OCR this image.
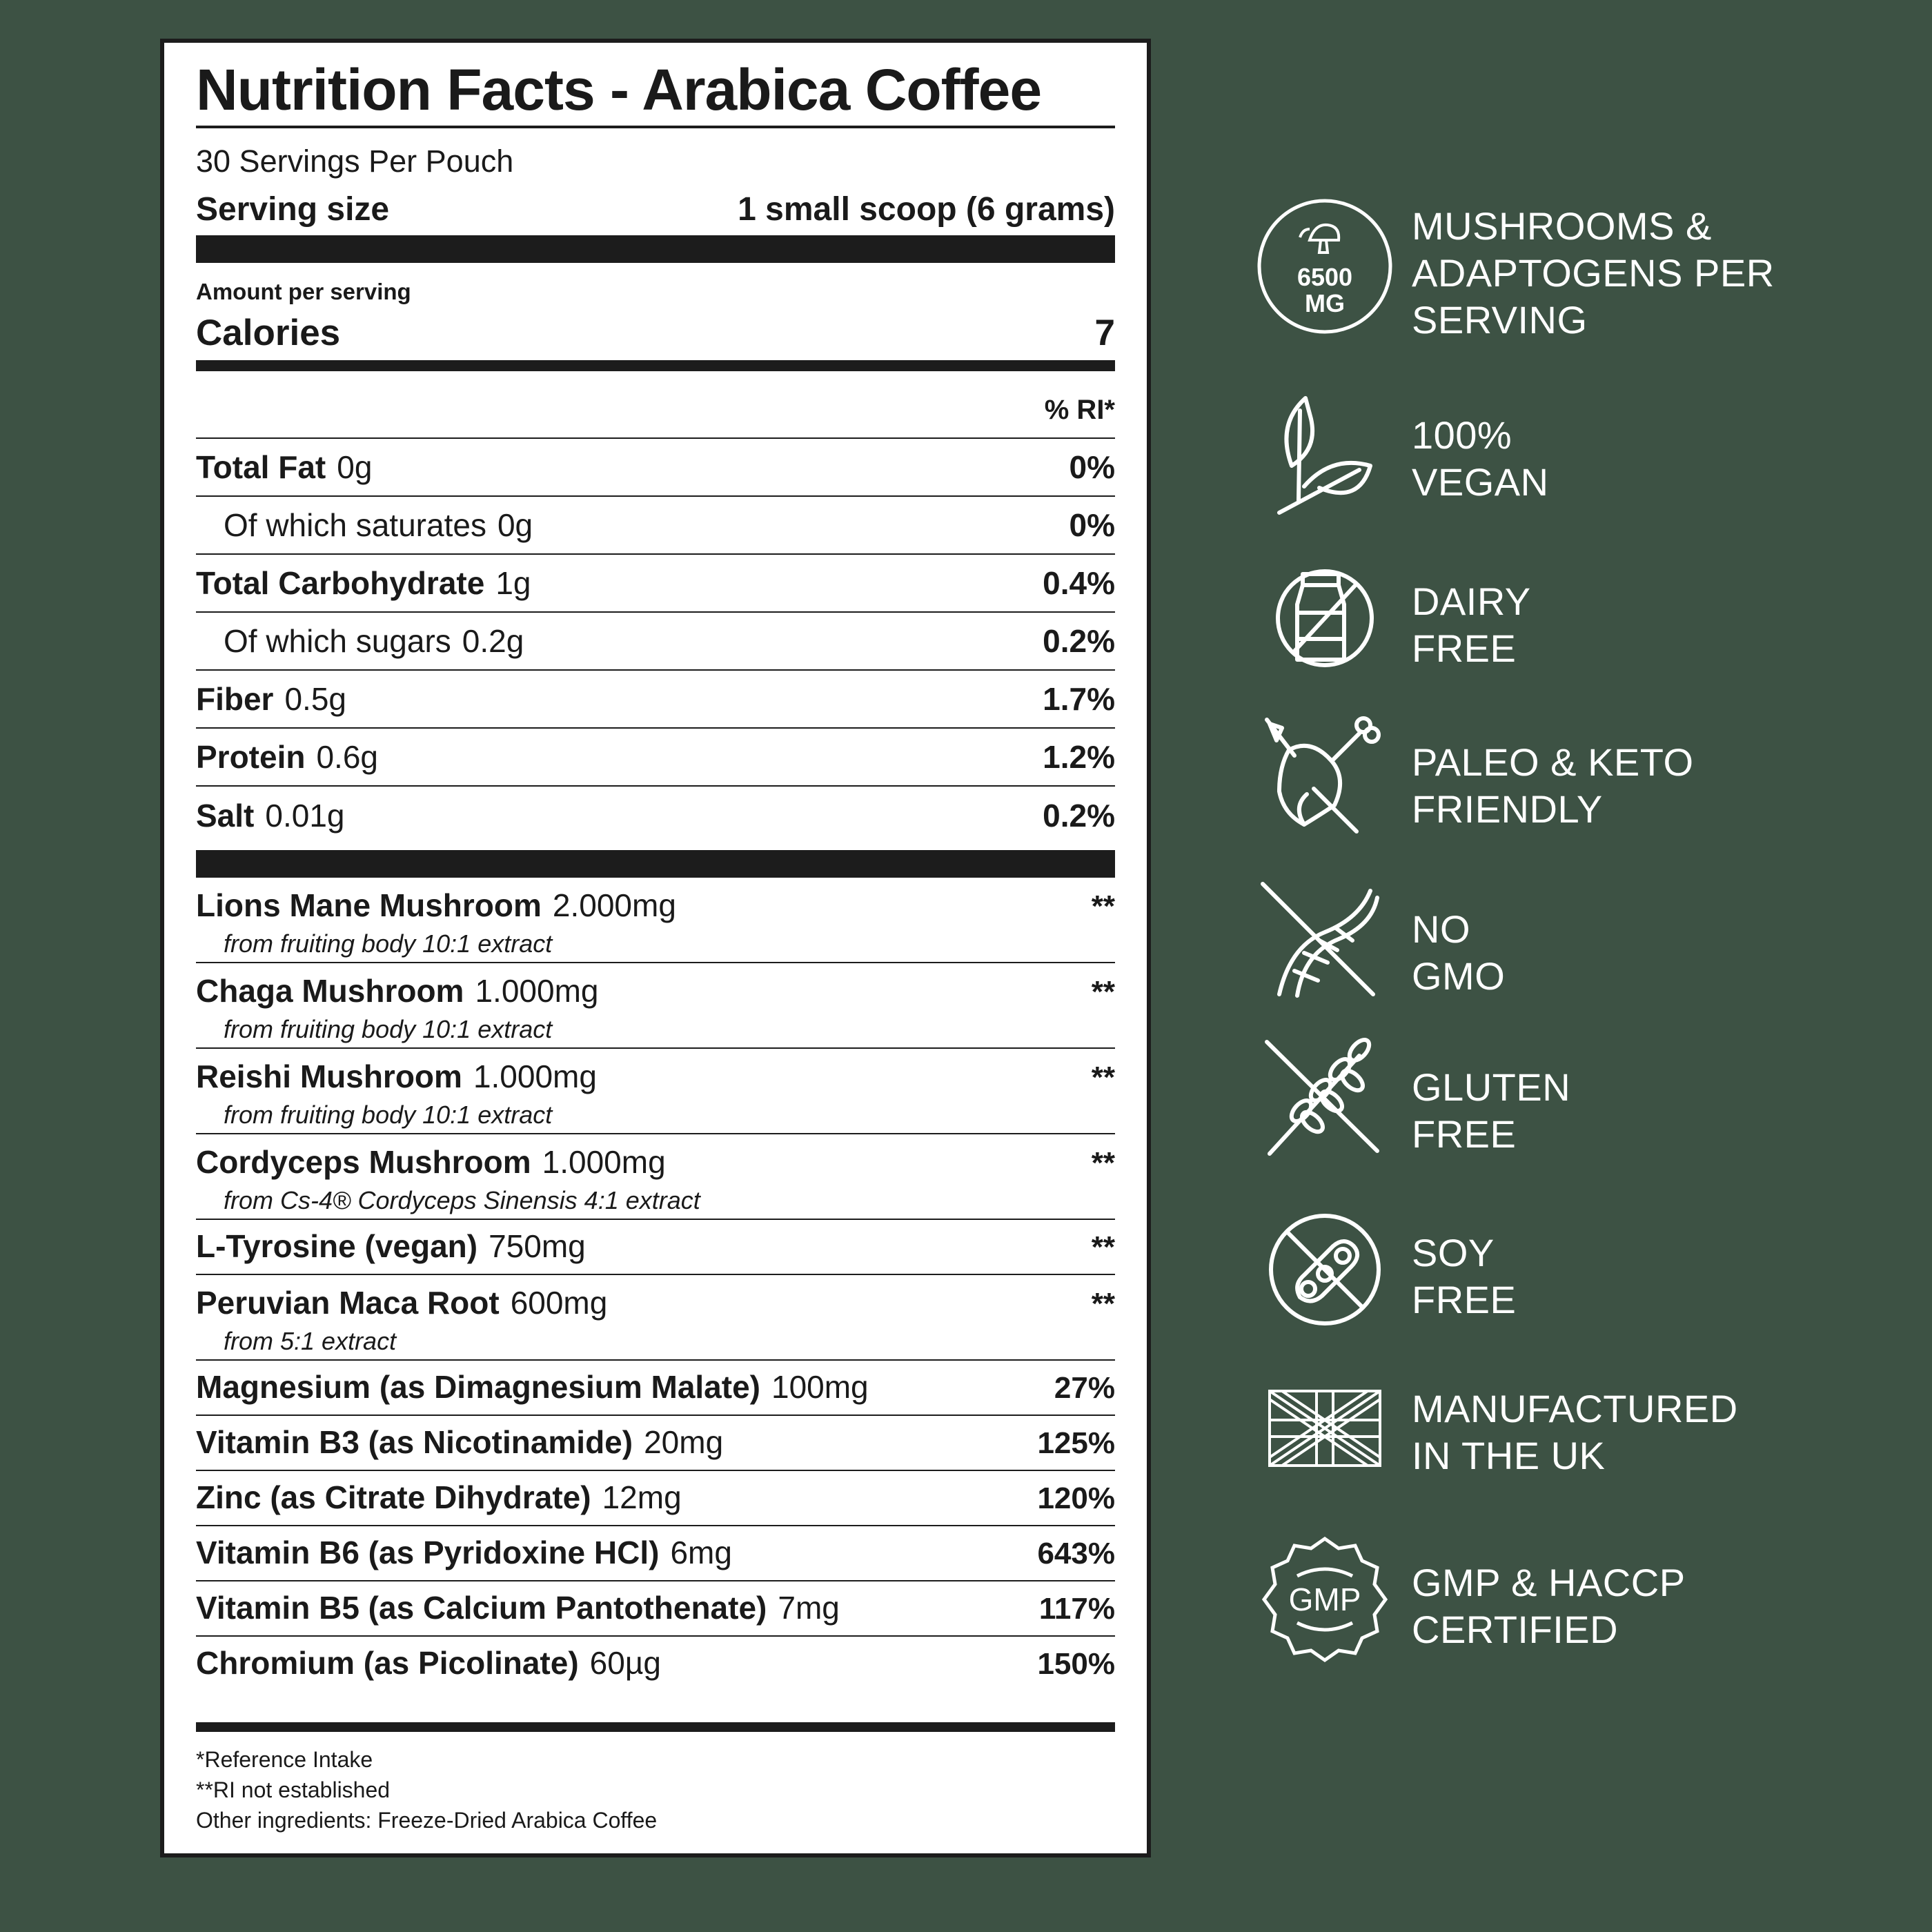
Nutrition Facts - Arabica Coffee
30 Servings Per Pouch
Serving size	1 small scoop (6 grams)
Amount per serving
Calories	7
% RI*
Total Fat 0g	0%
Of which saturates 0g	0%
Total Carbohydrate 1g	0.4%
Of which sugars 0.2g	0.2%
Fiber 0.5g	1.7%
Protein 0.6g	1.2%
Salt 0.01g	0.2%
Lions Mane Mushroom 2.000mg	**
from fruiting body 10:1 extract
Chaga Mushroom 1.000mg	**
from fruiting body 10:1 extract
Reishi Mushroom 1.000mg	**
from fruiting body 10:1 extract
Cordyceps Mushroom 1.000mg	**
from Cs-4® Cordyceps Sinensis 4:1 extract
L-Tyrosine (vegan) 750mg	**
Peruvian Maca Root 600mg	**
from 5:1 extract
Magnesium (as Dimagnesium Malate) 100mg	27%
Vitamin B3 (as Nicotinamide) 20mg	125%
Zinc (as Citrate Dihydrate) 12mg	120%
Vitamin B6 (as Pyridoxine HCl) 6mg	643%
Vitamin B5 (as Calcium Pantothenate) 7mg	117%
Chromium (as Picolinate) 60µg	150%
*Reference Intake
**RI not established
Other ingredients: Freeze-Dried Arabica Coffee
6500
MG
MUSHROOMS &
ADAPTOGENS PER
SERVING
100%
VEGAN
DAIRY
FREE
PALEO & KETO
FRIENDLY
NO
GMO
GLUTEN
FREE
SOY
FREE
MANUFACTURED
IN THE UK
GMP GMP & HACCP
CERTIFIED
